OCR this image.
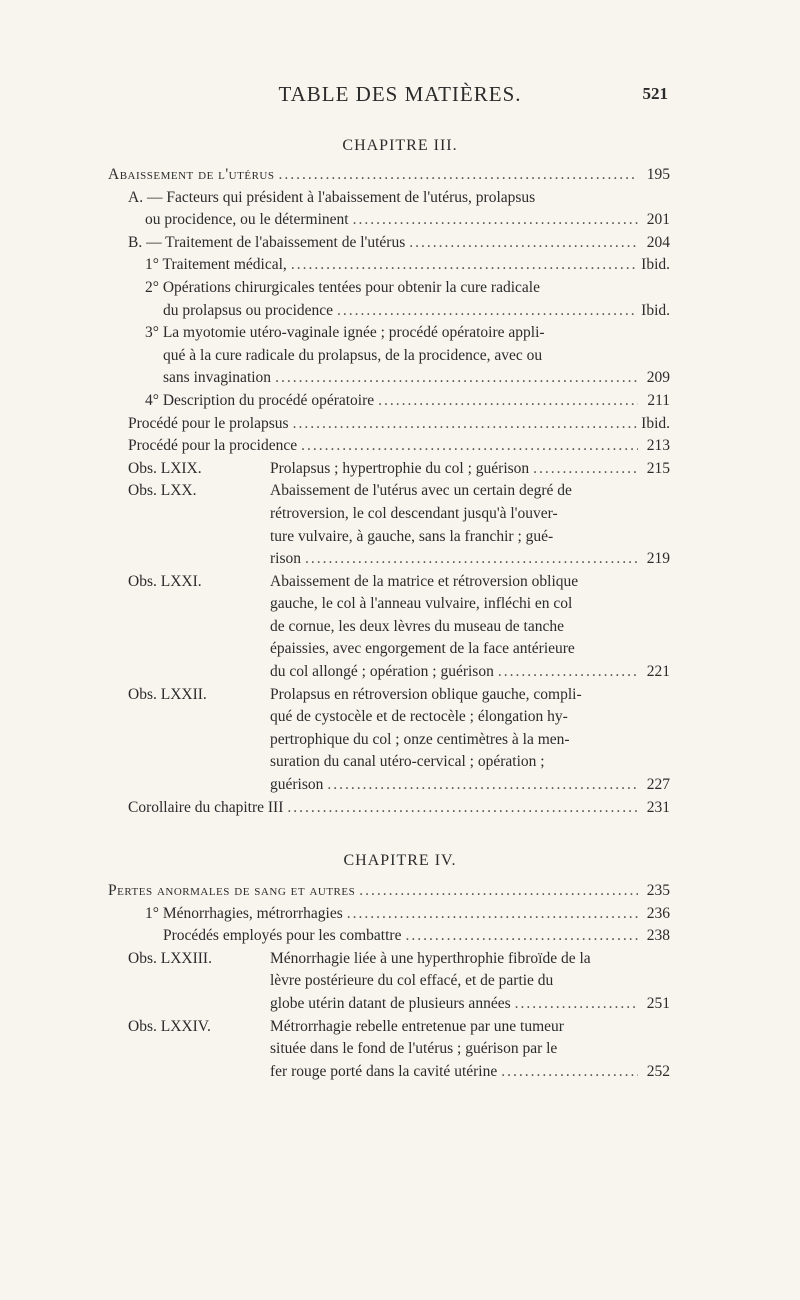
TABLE DES MATIÈRES.	521
CHAPITRE III.
Abaissement de l'utérus .....	195
A. — Facteurs qui président à l'abaissement de l'utérus, prolapsus
ou procidence, ou le déterminent .....	201
B. — Traitement de l'abaissement de l'utérus .....	204
1° Traitement médical, .....	Ibid.
2° Opérations chirurgicales tentées pour obtenir la cure radicale
du prolapsus ou procidence .....	Ibid.
3° La myotomie utéro-vaginale ignée ; procédé opératoire appli-
qué à la cure radicale du prolapsus, de la procidence, avec ou
sans invagination .....	209
4° Description du procédé opératoire .....	211
Procédé pour le prolapsus .....	Ibid.
Procédé pour la procidence .....	213
Obs. LXIX.	Prolapsus ; hypertrophie du col ; guérison .....	215
Obs. LXX.	Abaissement de l'utérus avec un certain degré de
rétroversion, le col descendant jusqu'à l'ouver-
ture vulvaire, à gauche, sans la franchir ; gué-
rison .....	219
Obs. LXXI.	Abaissement de la matrice et rétroversion oblique
gauche, le col à l'anneau vulvaire, infléchi en col
de cornue, les deux lèvres du museau de tanche
épaissies, avec engorgement de la face antérieure
du col allongé ; opération ; guérison .....	221
Obs. LXXII.	Prolapsus en rétroversion oblique gauche, compli-
qué de cystocèle et de rectocèle ; élongation hy-
pertrophique du col ; onze centimètres à la men-
suration du canal utéro-cervical ; opération ;
guérison .....	227
Corollaire du chapitre III .....	231
CHAPITRE IV.
Pertes anormales de sang et autres .....	235
1° Ménorrhagies, métrorrhagies .....	236
Procédés employés pour les combattre .....	238
Obs. LXXIII.	Ménorrhagie liée à une hyperthrophie fibroïde de la
lèvre postérieure du col effacé, et de partie du
globe utérin datant de plusieurs années .....	251
Obs. LXXIV.	Métrorrhagie rebelle entretenue par une tumeur
située dans le fond de l'utérus ; guérison par le
fer rouge porté dans la cavité utérine .....	252
